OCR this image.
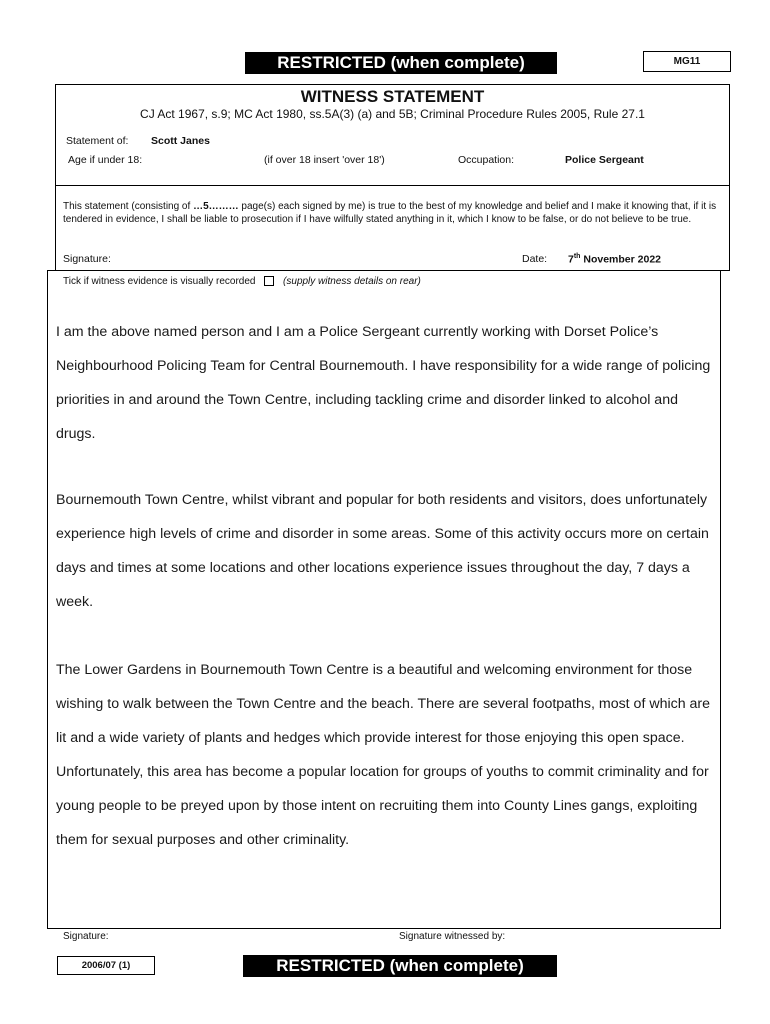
RESTRICTED (when complete)	MG11
WITNESS STATEMENT
CJ Act 1967, s.9; MC Act 1980, ss.5A(3) (a) and 5B; Criminal Procedure Rules 2005, Rule 27.1
Statement of: Scott Janes
Age if under 18:	(if over 18 insert 'over 18')	Occupation:	Police Sergeant
This statement (consisting of …5……… page(s) each signed by me) is true to the best of my knowledge and belief and I make it knowing that, if it is tendered in evidence, I shall be liable to prosecution if I have wilfully stated anything in it, which I know to be false, or do not believe to be true.
Signature:	Date: 7th November 2022
Tick if witness evidence is visually recorded	(supply witness details on rear)

I am the above named person and I am a Police Sergeant currently working with Dorset Police’s Neighbourhood Policing Team for Central Bournemouth. I have responsibility for a wide range of policing priorities in and around the Town Centre, including tackling crime and disorder linked to alcohol and drugs.

Bournemouth Town Centre, whilst vibrant and popular for both residents and visitors, does unfortunately experience high levels of crime and disorder in some areas. Some of this activity occurs more on certain days and times at some locations and other locations experience issues throughout the day, 7 days a week.

The Lower Gardens in Bournemouth Town Centre is a beautiful and welcoming environment for those wishing to walk between the Town Centre and the beach. There are several footpaths, most of which are lit and a wide variety of plants and hedges which provide interest for those enjoying this open space. Unfortunately, this area has become a popular location for groups of youths to commit criminality and for young people to be preyed upon by those intent on recruiting them into County Lines gangs, exploiting them for sexual purposes and other criminality.

Signature:	Signature witnessed by:
2006/07 (1)	RESTRICTED (when complete)
